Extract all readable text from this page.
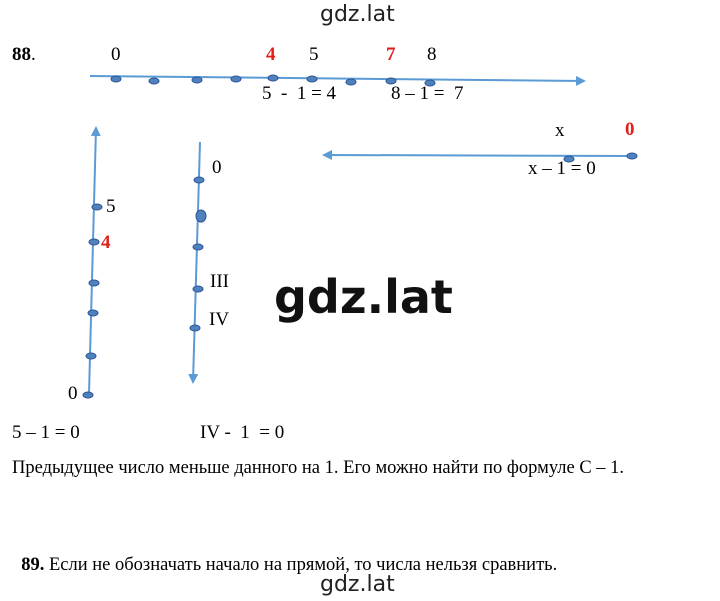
gdz.lat
gdz.lat
gdz.lat
88.	0	4 5	7 8
5  -  1 = 4	8 – 1 =  7
x	0
x – 1 = 0
5
4
0
0
III
IV
5 – 1 = 0	IV -  1  = 0
Предыдущее число меньше данного на 1. Его можно найти по формуле С – 1.

89. Если не обозначать начало на прямой, то числа нельзя сравнить.
